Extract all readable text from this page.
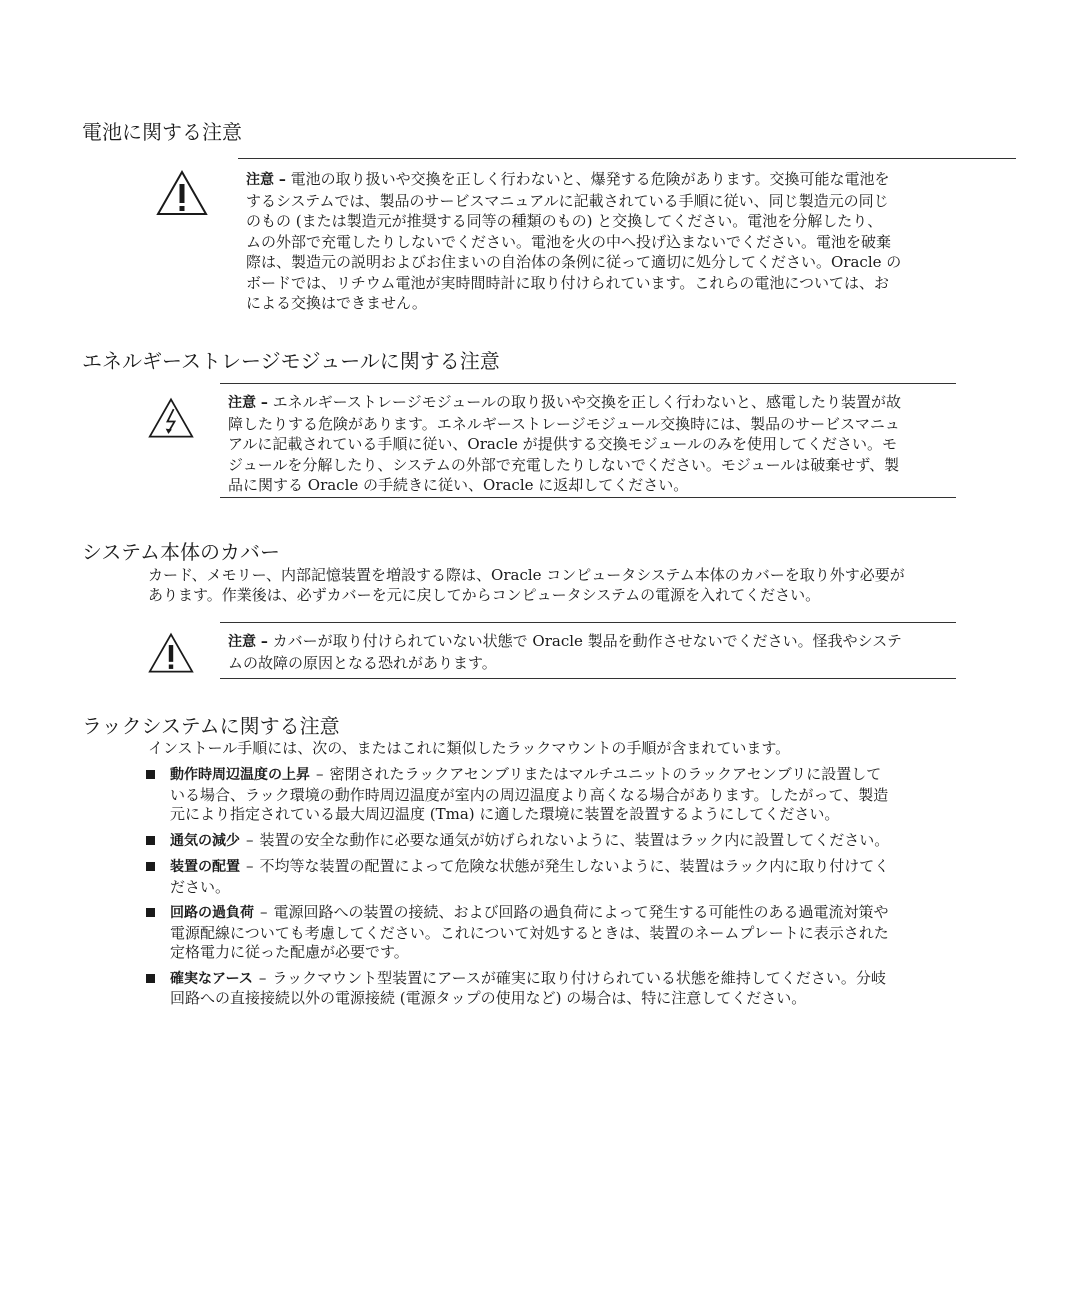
電池に関する注意
注意 – 電池の取り扱いや交換を正しく行わないと、爆発する危険があります。交換可能な電池を
するシステムでは、製品のサービスマニュアルに記載されている手順に従い、同じ製造元の同じ
のもの (または製造元が推奨する同等の種類のもの) と交換してください。電池を分解したり、
ムの外部で充電したりしないでください。電池を火の中へ投げ込まないでください。電池を破棄
際は、製造元の説明およびお住まいの自治体の条例に従って適切に処分してください。Oracle の
ボードでは、リチウム電池が実時間時計に取り付けられています。これらの電池については、お
による交換はできません。
エネルギーストレージモジュールに関する注意
注意 – エネルギーストレージモジュールの取り扱いや交換を正しく行わないと、感電したり装置が故
障したりする危険があります。エネルギーストレージモジュール交換時には、製品のサービスマニュ
アルに記載されている手順に従い、Oracle が提供する交換モジュールのみを使用してください。モ
ジュールを分解したり、システムの外部で充電したりしないでください。モジュールは破棄せず、製
品に関する Oracle の手続きに従い、Oracle に返却してください。
システム本体のカバー
カード、メモリー、内部記憶装置を増設する際は、Oracle コンピュータシステム本体のカバーを取り外す必要が
あります。作業後は、必ずカバーを元に戻してからコンピュータシステムの電源を入れてください。
注意 – カバーが取り付けられていない状態で Oracle 製品を動作させないでください。怪我やシステ
ムの故障の原因となる恐れがあります。
ラックシステムに関する注意

インストール手順には、次の、またはこれに類似したラックマウントの手順が含まれています。

動作時周辺温度の上昇 – 密閉されたラックアセンブリまたはマルチユニットのラックアセンブリに設置して
いる場合、ラック環境の動作時周辺温度が室内の周辺温度より高くなる場合があります。したがって、製造
元により指定されている最大周辺温度 (Tma) に適した環境に装置を設置するようにしてください。
通気の減少 – 装置の安全な動作に必要な通気が妨げられないように、装置はラック内に設置してください。
装置の配置 – 不均等な装置の配置によって危険な状態が発生しないように、装置はラック内に取り付けてく
ださい。
回路の過負荷 – 電源回路への装置の接続、および回路の過負荷によって発生する可能性のある過電流対策や
電源配線についても考慮してください。これについて対処するときは、装置のネームプレートに表示された
定格電力に従った配慮が必要です。
確実なアース – ラックマウント型装置にアースが確実に取り付けられている状態を維持してください。分岐
回路への直接接続以外の電源接続 (電源タップの使用など) の場合は、特に注意してください。
